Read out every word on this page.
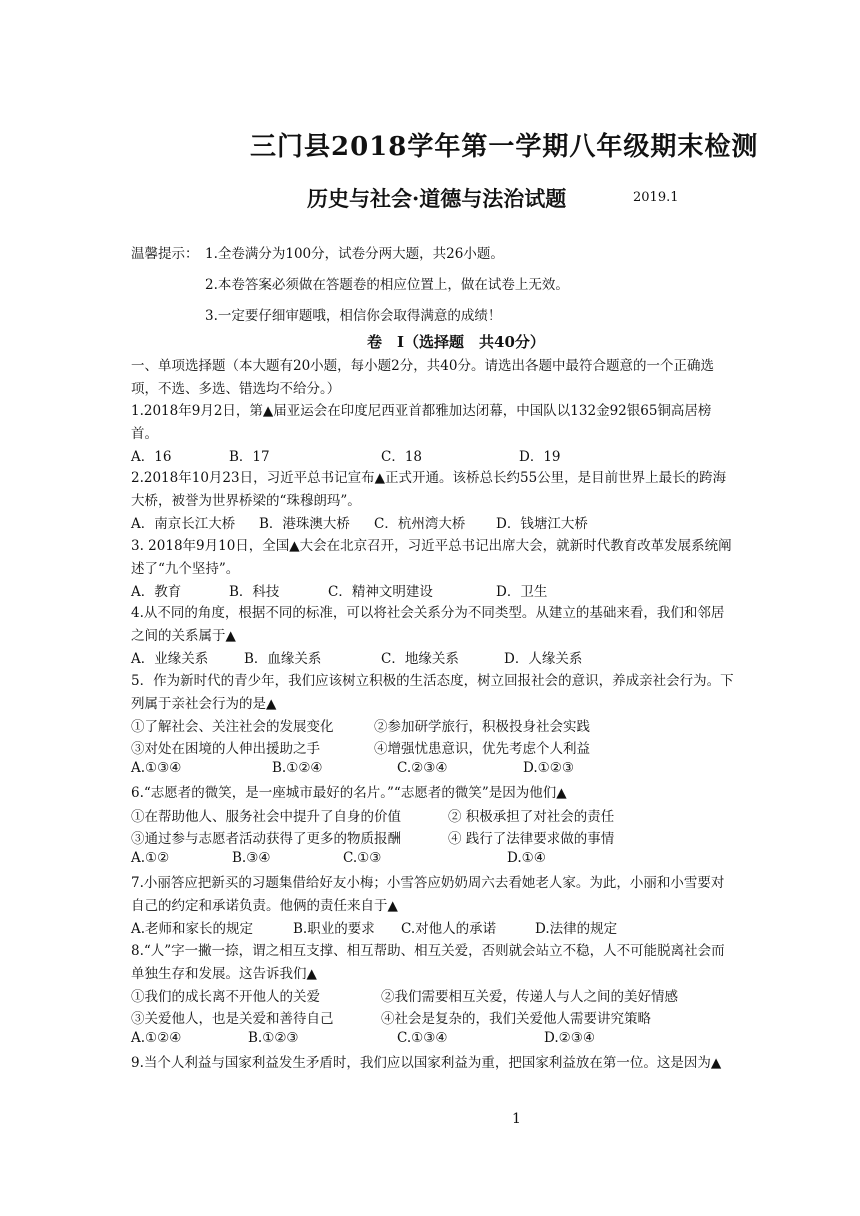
三门县2018学年第一学期八年级期末检测
历史与社会·道德与法治试题	2019.1
温馨提示： 1.全卷满分为100分，试卷分两大题，共26小题。
2.本卷答案必须做在答题卷的相应位置上，做在试卷上无效。
3.一定要仔细审题哦，相信你会取得满意的成绩！
卷　I（选择题　共40分）
一、单项选择题（本大题有20小题，每小题2分，共40分。请选出各题中最符合题意的一个正确选项，不选、多选、错选均不给分。）
1.2018年9月2日，第▲届亚运会在印度尼西亚首都雅加达闭幕，中国队以132金92银65铜高居榜首。
A．16	B．17	C．18	D．19
2.2018年10月23日，习近平总书记宣布▲正式开通。该桥总长约55公里，是目前世界上最长的跨海大桥，被誉为世界桥梁的“珠穆朗玛”。
A．南京长江大桥 B．港珠澳大桥 C．杭州湾大桥 D．钱塘江大桥
3. 2018年9月10日，全国▲大会在北京召开，习近平总书记出席大会，就新时代教育改革发展系统阐述了“九个坚持”。
A．教育	B．科技	C．精神文明建设	D．卫生
4.从不同的角度，根据不同的标准，可以将社会关系分为不同类型。从建立的基础来看，我们和邻居之间的关系属于▲
A．业缘关系	B．血缘关系	C．地缘关系	D．人缘关系
5．作为新时代的青少年，我们应该树立积极的生活态度，树立回报社会的意识，养成亲社会行为。下列属于亲社会行为的是▲
①了解社会、关注社会的发展变化	②参加研学旅行，积极投身社会实践
③对处在困境的人伸出援助之手	④增强忧患意识，优先考虑个人利益
A.①③④	B.①②④	C.②③④	D.①②③
6.“志愿者的微笑，是一座城市最好的名片。”“志愿者的微笑”是因为他们▲
①在帮助他人、服务社会中提升了自身的价值	② 积极承担了对社会的责任
③通过参与志愿者活动获得了更多的物质报酬	④ 践行了法律要求做的事情
A.①②	B.③④	C.①③	D.①④
7.小丽答应把新买的习题集借给好友小梅；小雪答应奶奶周六去看她老人家。为此，小丽和小雪要对自己的约定和承诺负责。他俩的责任来自于▲
A.老师和家长的规定	B.职业的要求 C.对他人的承诺	D.法律的规定
8.“人”字一撇一捺，谓之相互支撑、相互帮助、相互关爱，否则就会站立不稳，人不可能脱离社会而单独生存和发展。这告诉我们▲
①我们的成长离不开他人的关爱	②我们需要相互关爱，传递人与人之间的美好情感
③关爱他人，也是关爱和善待自己	④社会是复杂的，我们关爱他人需要讲究策略
A.①②④	B.①②③	C.①③④	D.②③④
9.当个人利益与国家利益发生矛盾时，我们应以国家利益为重，把国家利益放在第一位。这是因为▲
1
